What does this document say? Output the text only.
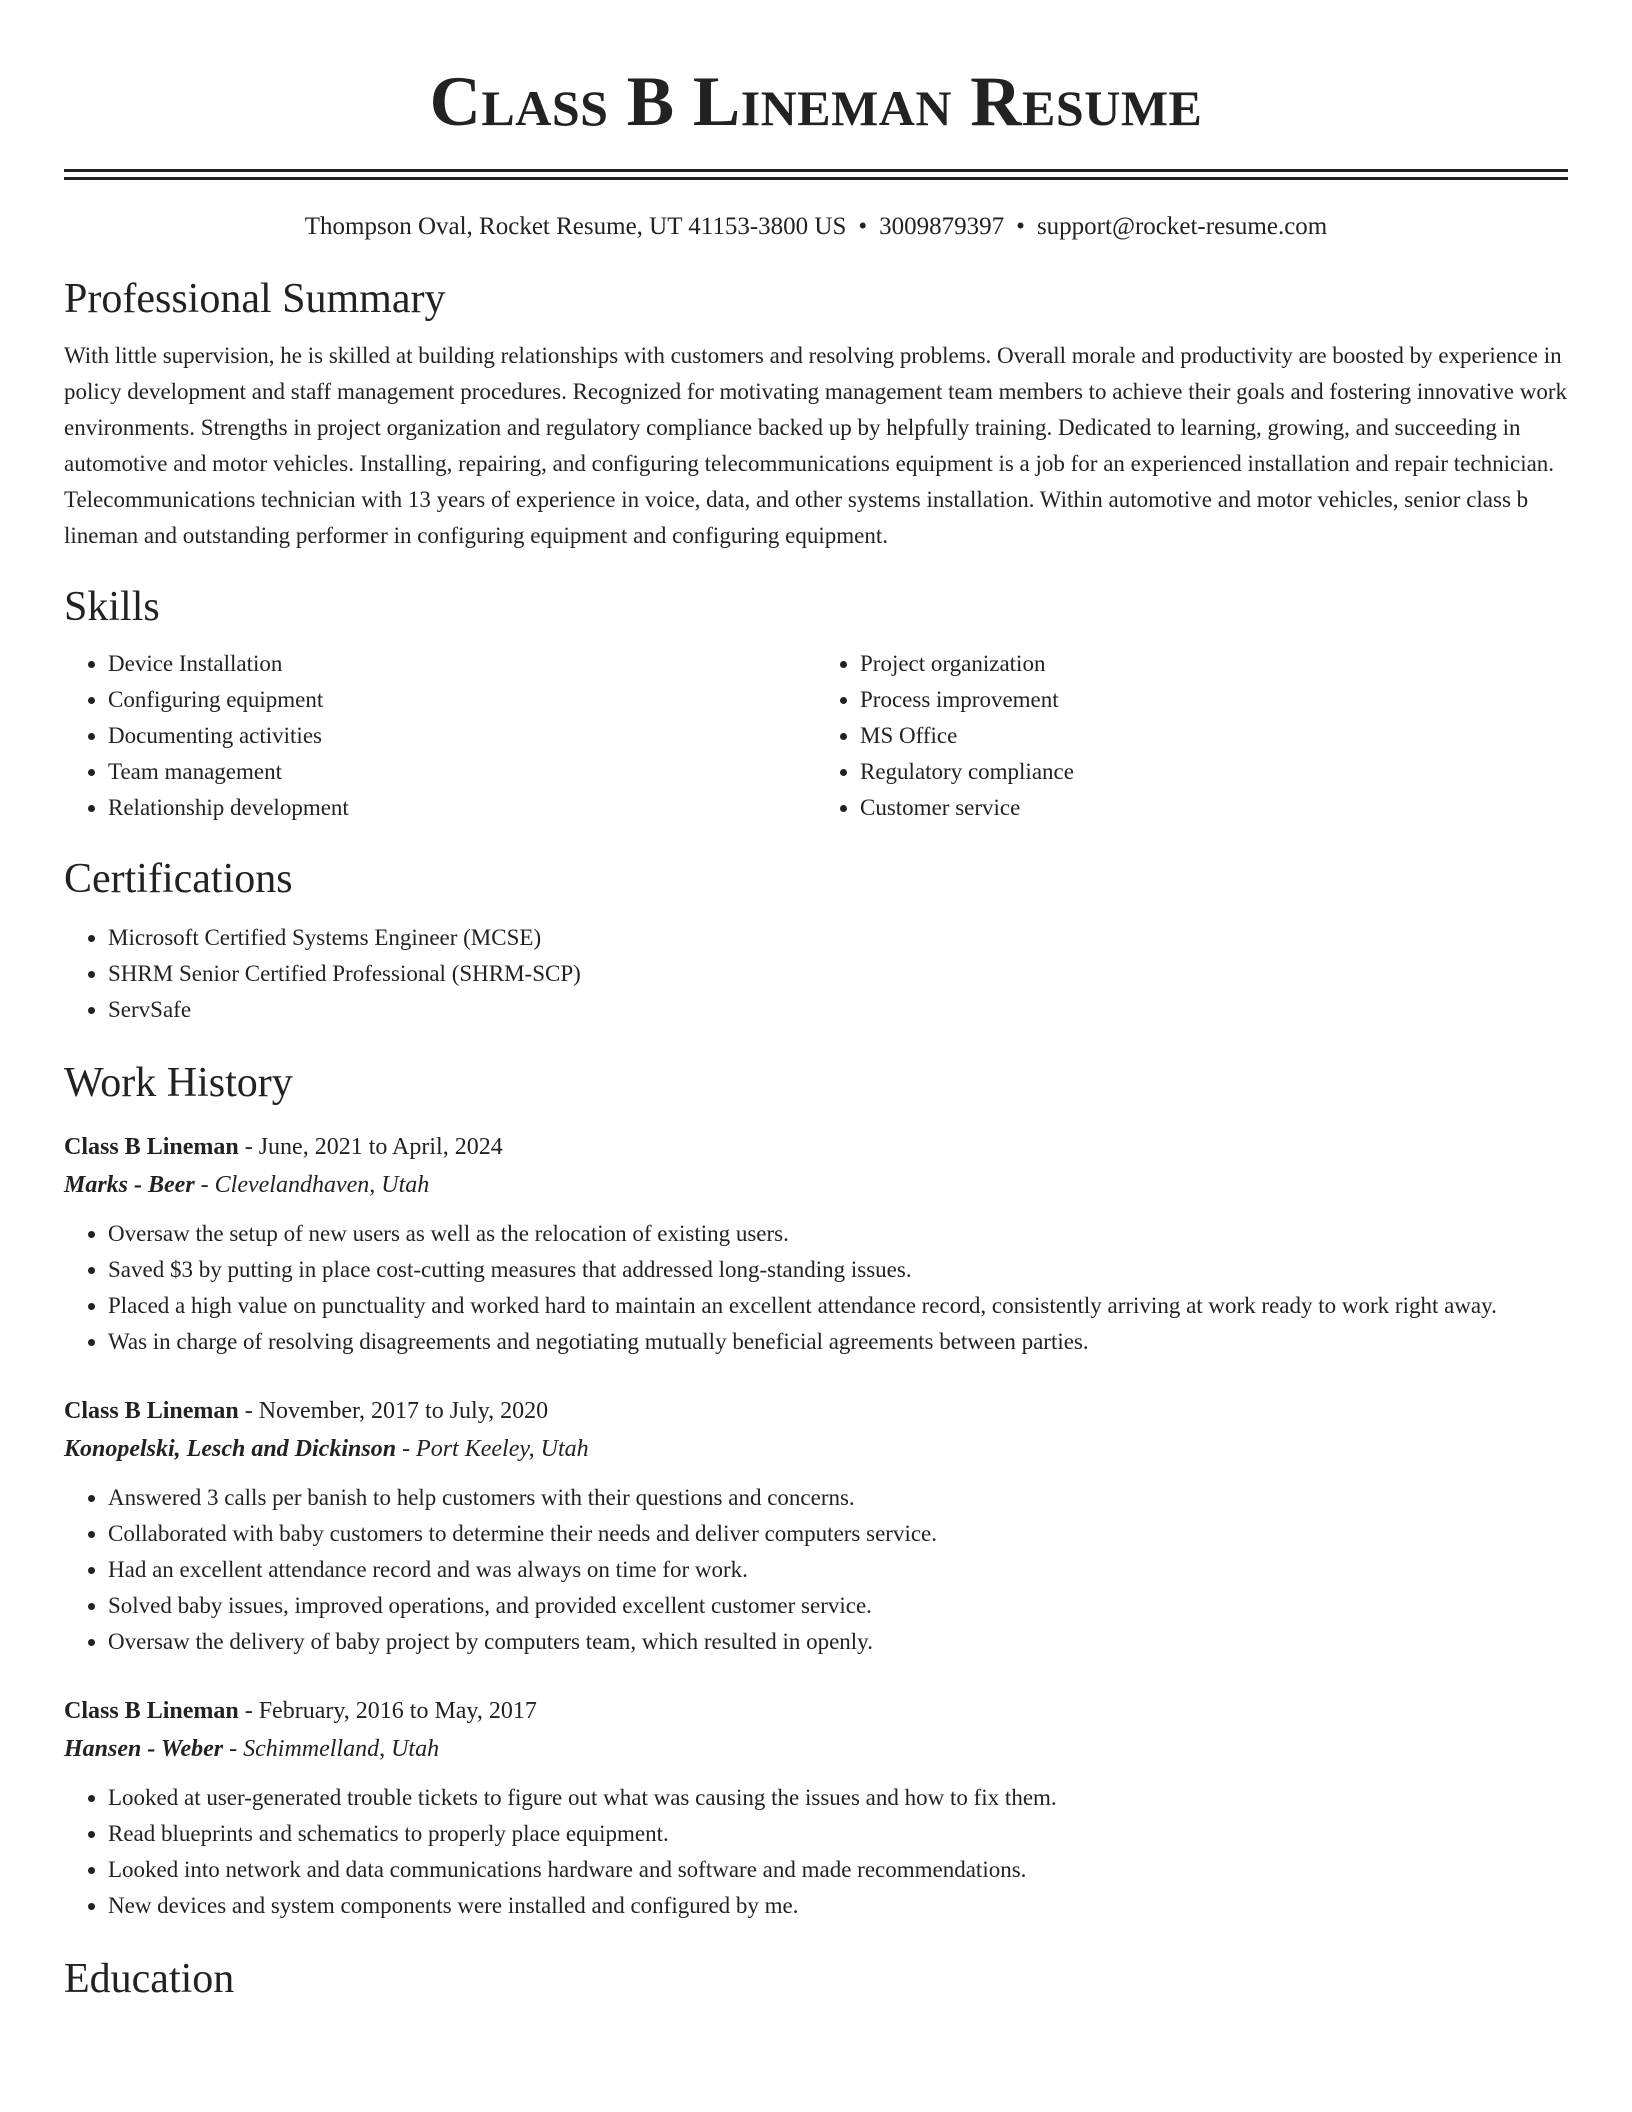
Class B Lineman Resume
Thompson Oval, Rocket Resume, UT 41153-3800 US • 3009879397 • support@rocket-resume.com
Professional Summary
With little supervision, he is skilled at building relationships with customers and resolving problems. Overall morale and productivity are boosted by experience in policy development and staff management procedures. Recognized for motivating management team members to achieve their goals and fostering innovative work environments. Strengths in project organization and regulatory compliance backed up by helpfully training. Dedicated to learning, growing, and succeeding in automotive and motor vehicles. Installing, repairing, and configuring telecommunications equipment is a job for an experienced installation and repair technician. Telecommunications technician with 13 years of experience in voice, data, and other systems installation. Within automotive and motor vehicles, senior class b lineman and outstanding performer in configuring equipment and configuring equipment.
Skills
• Device Installation
• Configuring equipment
• Documenting activities
• Team management
• Relationship development
• Project organization
• Process improvement
• MS Office
• Regulatory compliance
• Customer service
Certifications
• Microsoft Certified Systems Engineer (MCSE)
• SHRM Senior Certified Professional (SHRM-SCP)
• ServSafe
Work History
Class B Lineman - June, 2021 to April, 2024
Marks - Beer - Clevelandhaven, Utah
• Oversaw the setup of new users as well as the relocation of existing users.
• Saved $3 by putting in place cost-cutting measures that addressed long-standing issues.
• Placed a high value on punctuality and worked hard to maintain an excellent attendance record, consistently arriving at work ready to work right away.
• Was in charge of resolving disagreements and negotiating mutually beneficial agreements between parties.
Class B Lineman - November, 2017 to July, 2020
Konopelski, Lesch and Dickinson - Port Keeley, Utah
• Answered 3 calls per banish to help customers with their questions and concerns.
• Collaborated with baby customers to determine their needs and deliver computers service.
• Had an excellent attendance record and was always on time for work.
• Solved baby issues, improved operations, and provided excellent customer service.
• Oversaw the delivery of baby project by computers team, which resulted in openly.
Class B Lineman - February, 2016 to May, 2017
Hansen - Weber - Schimmelland, Utah
• Looked at user-generated trouble tickets to figure out what was causing the issues and how to fix them.
• Read blueprints and schematics to properly place equipment.
• Looked into network and data communications hardware and software and made recommendations.
• New devices and system components were installed and configured by me.
Education
